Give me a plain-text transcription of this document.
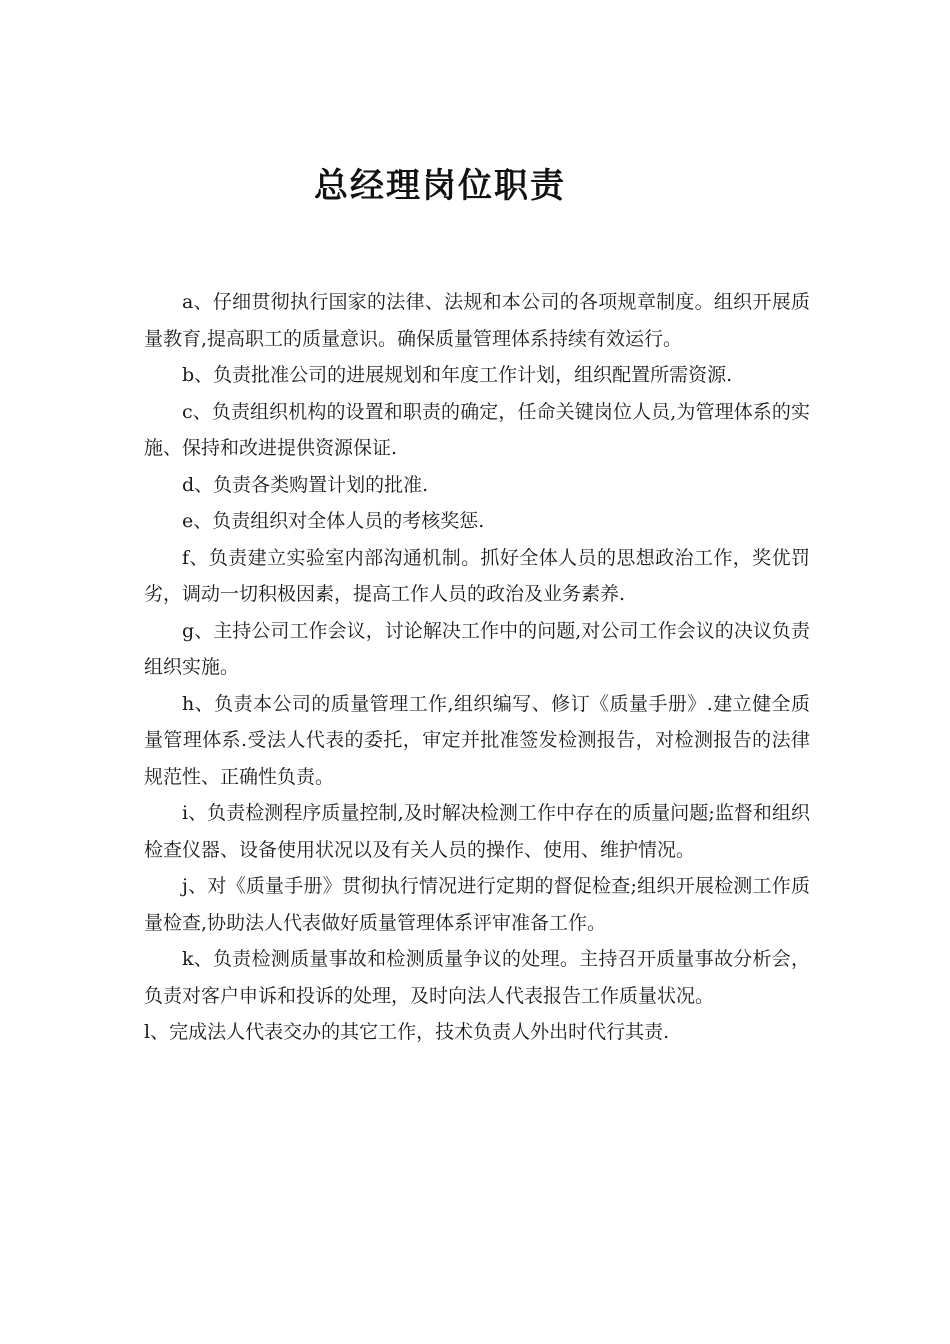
总经理岗位职责

a、仔细贯彻执行国家的法律、法规和本公司的各项规章制度。组织开展质量教育,提高职工的质量意识。确保质量管理体系持续有效运行。

b、负责批准公司的进展规划和年度工作计划，组织配置所需资源.

c、负责组织机构的设置和职责的确定，任命关键岗位人员,为管理体系的实施、保持和改进提供资源保证.

d、负责各类购置计划的批准.

e、负责组织对全体人员的考核奖惩.

f、负责建立实验室内部沟通机制。抓好全体人员的思想政治工作，奖优罚劣，调动一切积极因素，提高工作人员的政治及业务素养.

g、主持公司工作会议，讨论解决工作中的问题,对公司工作会议的决议负责组织实施。

h、负责本公司的质量管理工作,组织编写、修订《质量手册》.建立健全质量管理体系.受法人代表的委托，审定并批准签发检测报告，对检测报告的法律规范性、正确性负责。

i、负责检测程序质量控制,及时解决检测工作中存在的质量问题;监督和组织检查仪器、设备使用状况以及有关人员的操作、使用、维护情况。

j、对《质量手册》贯彻执行情况进行定期的督促检查;组织开展检测工作质量检查,协助法人代表做好质量管理体系评审准备工作。

k、负责检测质量事故和检测质量争议的处理。主持召开质量事故分析会，负责对客户申诉和投诉的处理，及时向法人代表报告工作质量状况。

l、完成法人代表交办的其它工作，技术负责人外出时代行其责.
